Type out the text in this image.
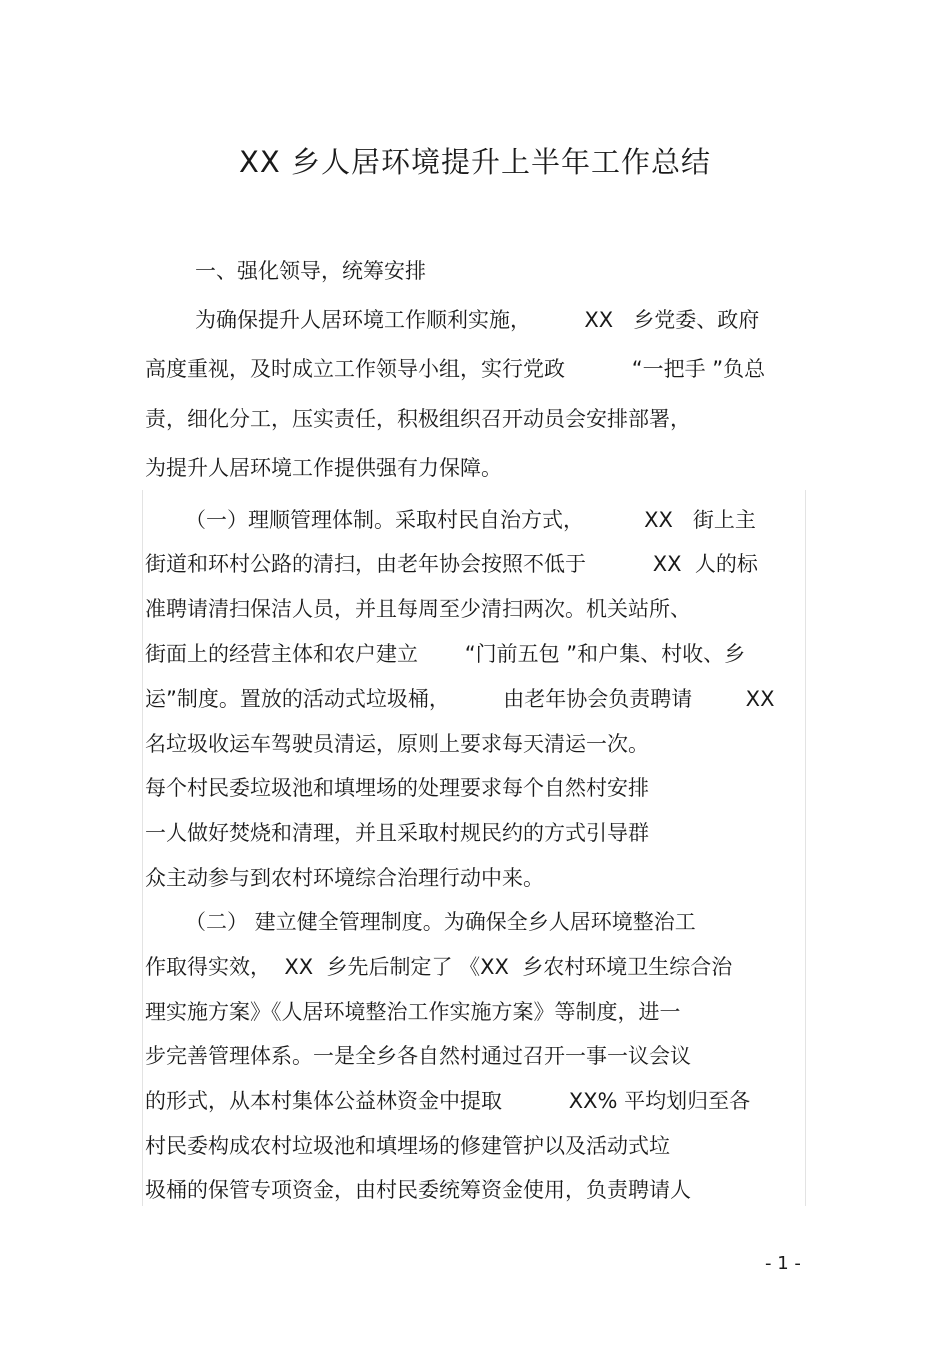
XX 乡人居环境提升上半年工作总结
一、强化领导，统筹安排
为确保提升人居环境工作顺利实施，        XX   乡党委、政府
高度重视，及时成立工作领导小组，实行党政          “一把手 ”负总
责，细化分工，压实责任，积极组织召开动员会安排部署，
为提升人居环境工作提供强有力保障。
（一）理顺管理体制。采取村民自治方式，         XX   街上主
街道和环村公路的清扫，由老年协会按照不低于          XX  人的标
准聘请清扫保洁人员，并且每周至少清扫两次。机关站所、
街面上的经营主体和农户建立       “门前五包 ”和户集、村收、乡
运”制度。置放的活动式垃圾桶，        由老年协会负责聘请        XX
名垃圾收运车驾驶员清运，原则上要求每天清运一次。
每个村民委垃圾池和填埋场的处理要求每个自然村安排
一人做好焚烧和清理，并且采取村规民约的方式引导群
众主动参与到农村环境综合治理行动中来。
（二） 建立健全管理制度。为确保全乡人居环境整治工
作取得实效，  XX  乡先后制定了 《XX  乡农村环境卫生综合治
理实施方案》《人居环境整治工作实施方案》等制度，进一
步完善管理体系。一是全乡各自然村通过召开一事一议会议
的形式，从本村集体公益林资金中提取          XX% 平均划归至各
村民委构成农村垃圾池和填埋场的修建管护以及活动式垃
圾桶的保管专项资金，由村民委统筹资金使用，负责聘请人
- 1 -
